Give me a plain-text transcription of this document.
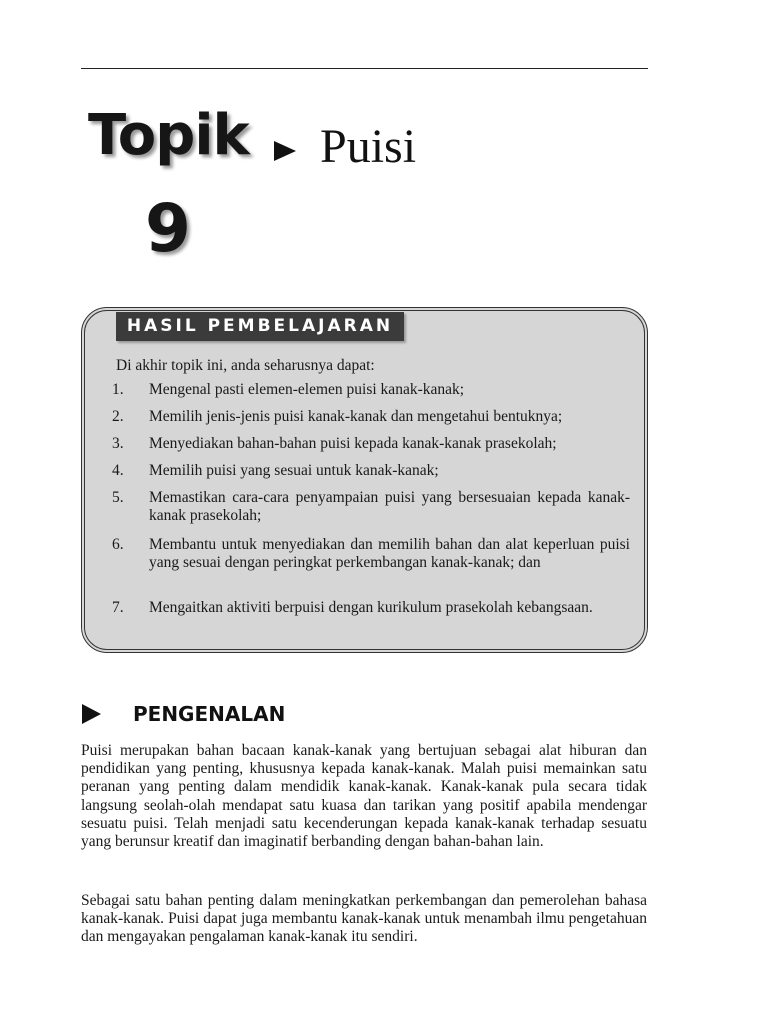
Topik
9
Puisi
HASIL PEMBELAJARAN
Di akhir topik ini, anda seharusnya dapat:
1.	Mengenal pasti elemen-elemen puisi kanak-kanak;
2.	Memilih jenis-jenis puisi kanak-kanak dan mengetahui bentuknya;
3.	Menyediakan bahan-bahan puisi kepada kanak-kanak prasekolah;
4.	Memilih puisi yang sesuai untuk kanak-kanak;
5.	Memastikan cara-cara penyampaian puisi yang bersesuaian kepada kanak-kanak prasekolah;
6.	Membantu untuk menyediakan dan memilih bahan dan alat keperluan puisi yang sesuai dengan peringkat perkembangan kanak-kanak; dan
7.	Mengaitkan aktiviti berpuisi dengan kurikulum prasekolah kebangsaan.
PENGENALAN

Puisi merupakan bahan bacaan kanak-kanak yang bertujuan sebagai alat hiburan dan pendidikan yang penting, khususnya kepada kanak-kanak. Malah puisi memainkan satu peranan yang penting dalam mendidik kanak-kanak. Kanak-kanak pula secara tidak langsung seolah-olah mendapat satu kuasa dan tarikan yang positif apabila mendengar sesuatu puisi. Telah menjadi satu kecenderungan kepada kanak-kanak terhadap sesuatu yang berunsur kreatif dan imaginatif berbanding dengan bahan-bahan lain.

Sebagai satu bahan penting dalam meningkatkan perkembangan dan pemerolehan bahasa kanak-kanak. Puisi dapat juga membantu kanak-kanak untuk menambah ilmu pengetahuan dan mengayakan pengalaman kanak-kanak itu sendiri.
